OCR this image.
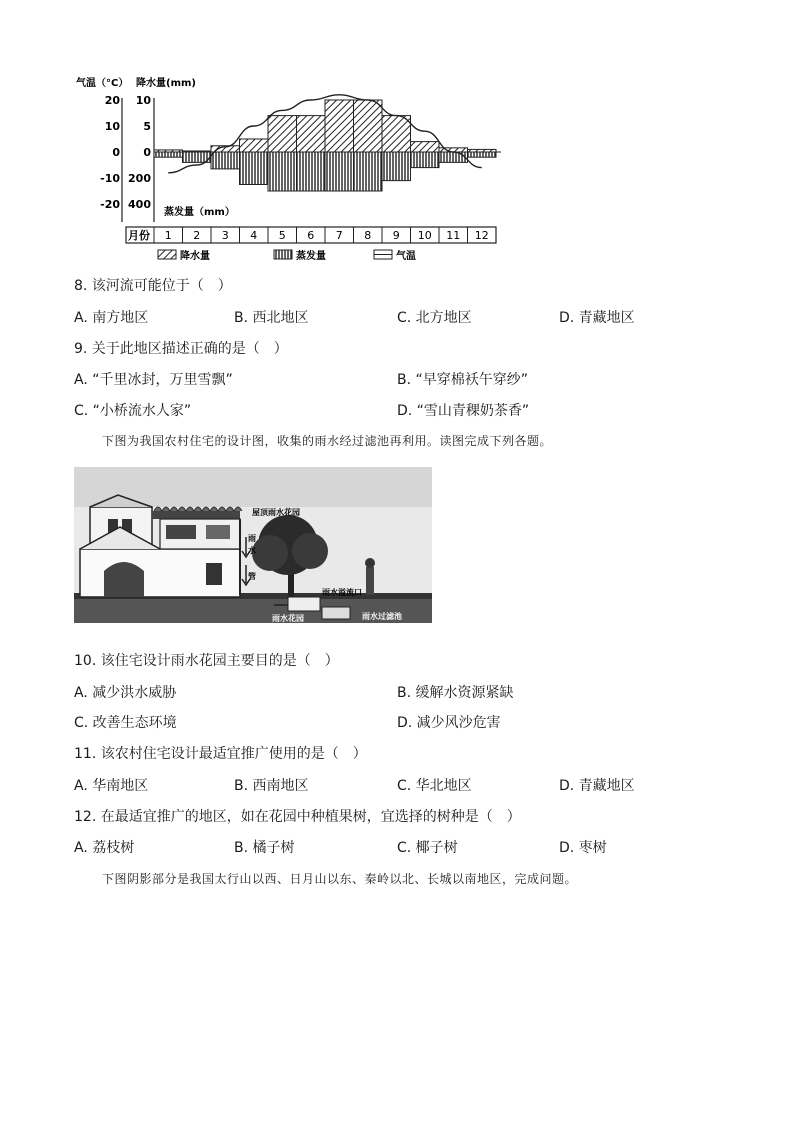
气温（°C） 降水量(mm)
20
10
0
-10
-20
10
5
0
200
400
蒸发量（mm）
月份 1 2 3 4 5 6 7 8 9 10 11 12
降水量	蒸发量	气温
8. 该河流可能位于（　）
A. 南方地区	B. 西北地区	C. 北方地区	D. 青藏地区
9. 关于此地区描述正确的是（　）
A. “千里冰封，万里雪飘”	B. “早穿棉袄午穿纱”
C. “小桥流水人家”	D. “雪山青稞奶茶香”
下图为我国农村住宅的设计图，收集的雨水经过滤池再利用。读图完成下列各题。
屋顶雨水花园
雨
水
管
雨水溢流口
雨水花园	雨水过滤池
10. 该住宅设计雨水花园主要目的是（　）
A. 减少洪水威胁	B. 缓解水资源紧缺
C. 改善生态环境	D. 减少风沙危害
11. 该农村住宅设计最适宜推广使用的是（　）
A. 华南地区	B. 西南地区	C. 华北地区	D. 青藏地区
12. 在最适宜推广的地区，如在花园中种植果树，宜选择的树种是（　）
A. 荔枝树	B. 橘子树	C. 椰子树	D. 枣树
下图阴影部分是我国太行山以西、日月山以东、秦岭以北、长城以南地区，完成问题。
